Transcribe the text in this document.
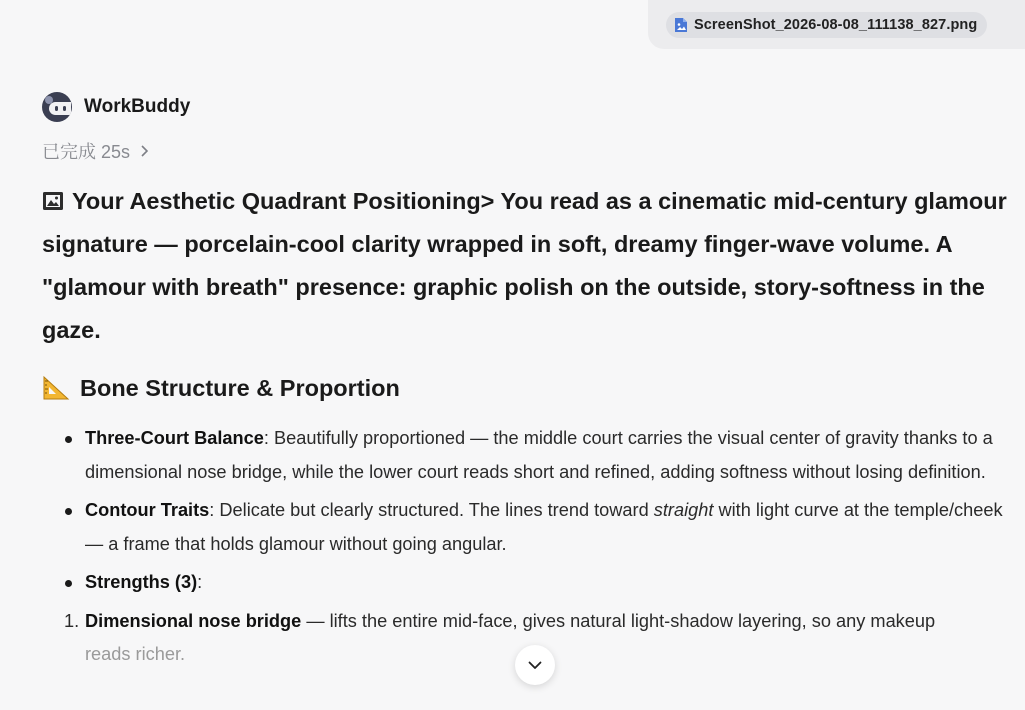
ScreenShot_2026-08-08_111138_827.png
WorkBuddy
已完成 25s

Your Aesthetic Quadrant Positioning> You read as a cinematic mid-century glamour signature — porcelain-cool clarity wrapped in soft, dreamy finger-wave volume. A "glamour with breath" presence: graphic polish on the outside, story-softness in the gaze.

Bone Structure & Proportion
Three-Court Balance: Beautifully proportioned — the middle court carries the visual center of gravity thanks to a dimensional nose bridge, while the lower court reads short and refined, adding softness without losing definition.
Contour Traits: Delicate but clearly structured. The lines trend toward straight with light curve at the temple/cheek — a frame that holds glamour without going angular.
Strengths (3):
1. Dimensional nose bridge — lifts the entire mid-face, gives natural light-shadow layering, so any makeup
reads richer.
